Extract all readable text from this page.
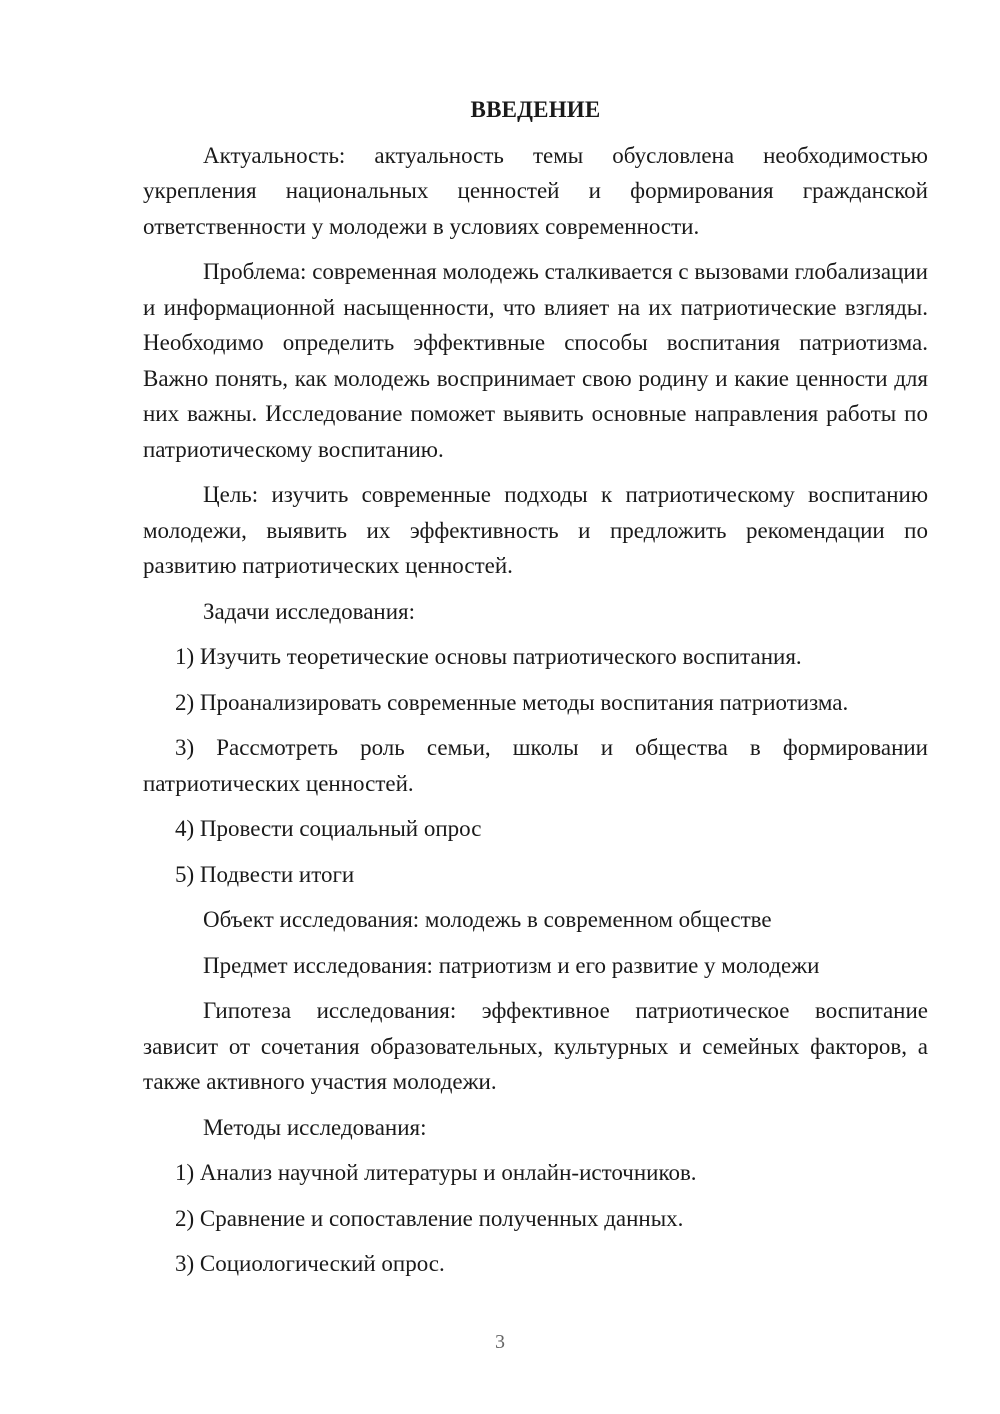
ВВЕДЕНИЕ

Актуальность: актуальность темы обусловлена необходимостью укрепления национальных ценностей и формирования гражданской ответственности у молодежи в условиях современности.

Проблема: современная молодежь сталкивается с вызовами глобализации и информационной насыщенности, что влияет на их патриотические взгляды. Необходимо определить эффективные способы воспитания патриотизма. Важно понять, как молодежь воспринимает свою родину и какие ценности для них важны. Исследование поможет выявить основные направления работы по патриотическому воспитанию.

Цель: изучить современные подходы к патриотическому воспитанию молодежи, выявить их эффективность и предложить рекомендации по развитию патриотических ценностей.

Задачи исследования:

1) Изучить теоретические основы патриотического воспитания.

2) Проанализировать современные методы воспитания патриотизма.

3) Рассмотреть роль семьи, школы и общества в формировании патриотических ценностей.

4) Провести социальный опрос

5) Подвести итоги

Объект исследования: молодежь в современном обществе

Предмет исследования: патриотизм и его развитие у молодежи

Гипотеза исследования: эффективное патриотическое воспитание зависит от сочетания образовательных, культурных и семейных факторов, а также активного участия молодежи.

Методы исследования:

1) Анализ научной литературы и онлайн-источников.

2) Сравнение и сопоставление полученных данных.

3) Социологический опрос.

3
